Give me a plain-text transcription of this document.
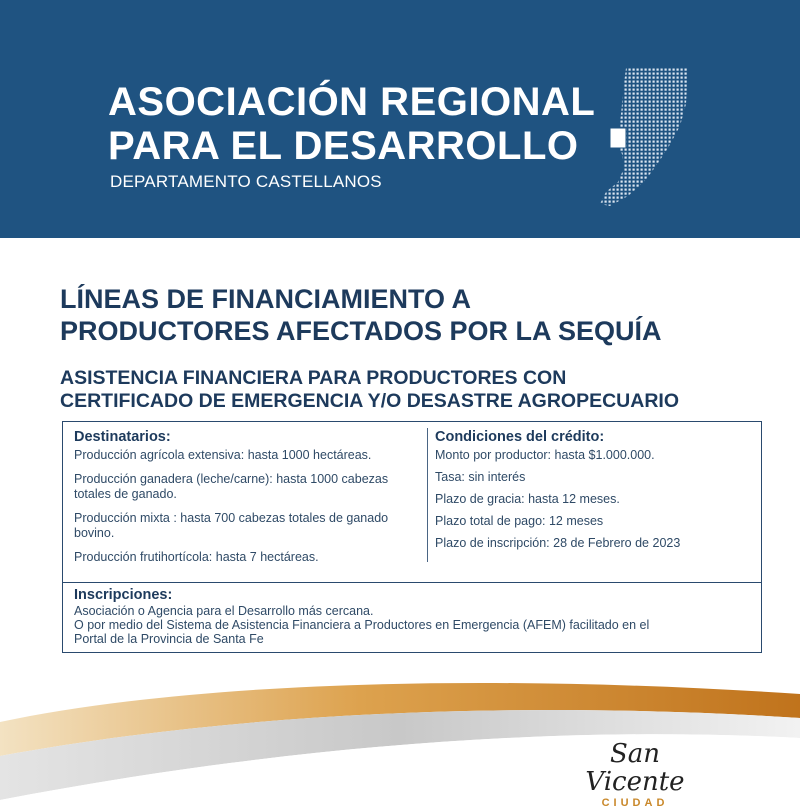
ASOCIACIÓN REGIONAL
PARA EL DESARROLLO
DEPARTAMENTO CASTELLANOS
LÍNEAS DE FINANCIAMIENTO A
PRODUCTORES AFECTADOS POR LA SEQUÍA
ASISTENCIA FINANCIERA PARA PRODUCTORES CON
CERTIFICADO DE EMERGENCIA Y/O DESASTRE AGROPECUARIO
Destinatarios:
Producción agrícola extensiva: hasta 1000 hectáreas.
Producción ganadera (leche/carne): hasta 1000 cabezas totales de ganado.
Producción mixta : hasta 700 cabezas totales de ganado bovino.
Producción frutihortícola: hasta 7 hectáreas.
Condiciones del crédito:
Monto por productor: hasta $1.000.000.
Tasa: sin interés
Plazo de gracia: hasta 12 meses.
Plazo total de pago: 12 meses
Plazo de inscripción: 28 de Febrero de 2023
Inscripciones:
Asociación o Agencia para el Desarrollo más cercana.
O por medio del Sistema de Asistencia Financiera a Productores en Emergencia (AFEM) facilitado en el
Portal de la Provincia de Santa Fe
San Vicente
CIUDAD
